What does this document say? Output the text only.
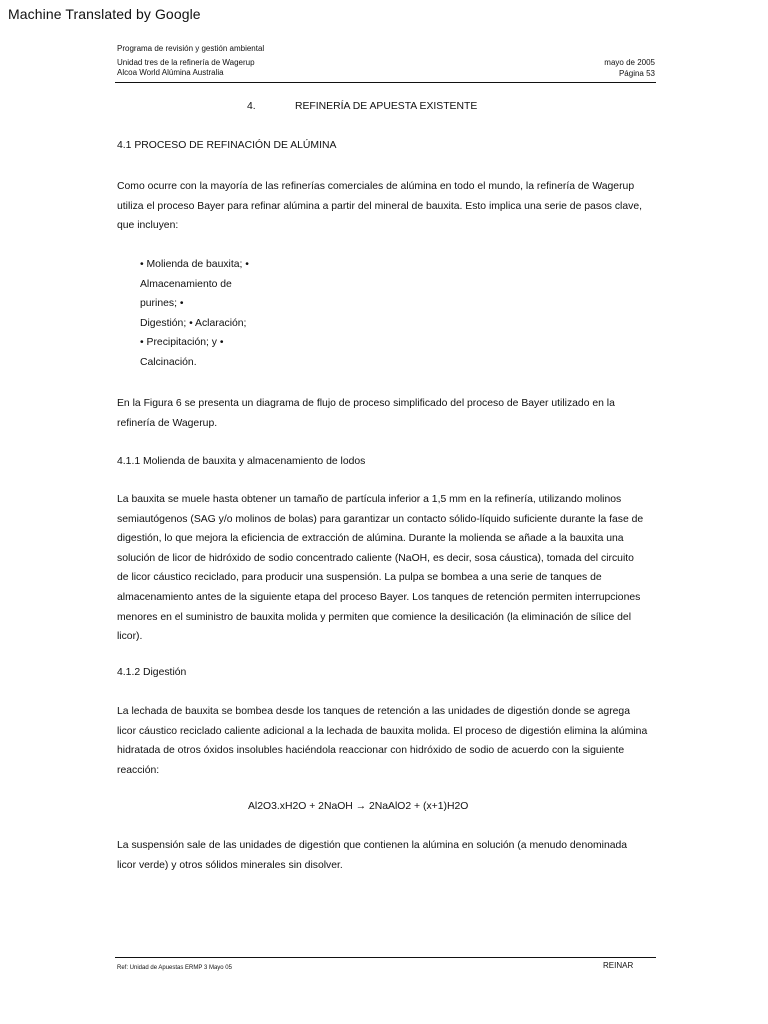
Machine Translated by Google
Programa de revisión y gestión ambiental
Unidad tres de la refinería de Wagerup
Alcoa World Alúmina Australia
mayo de 2005
Página 53
4.	REFINERÍA DE APUESTA EXISTENTE
4.1 PROCESO DE REFINACIÓN DE ALÚMINA
Como ocurre con la mayoría de las refinerías comerciales de alúmina en todo el mundo, la refinería de Wagerup
utiliza el proceso Bayer para refinar alúmina a partir del mineral de bauxita. Esto implica una serie de pasos clave,
que incluyen:
• Molienda de bauxita; •
Almacenamiento de
purines; •
Digestión; • Aclaración;
• Precipitación; y •
Calcinación.
En la Figura 6 se presenta un diagrama de flujo de proceso simplificado del proceso de Bayer utilizado en la
refinería de Wagerup.
4.1.1 Molienda de bauxita y almacenamiento de lodos
La bauxita se muele hasta obtener un tamaño de partícula inferior a 1,5 mm en la refinería, utilizando molinos
semiautógenos (SAG y/o molinos de bolas) para garantizar un contacto sólido-líquido suficiente durante la fase de
digestión, lo que mejora la eficiencia de extracción de alúmina. Durante la molienda se añade a la bauxita una
solución de licor de hidróxido de sodio concentrado caliente (NaOH, es decir, sosa cáustica), tomada del circuito
de licor cáustico reciclado, para producir una suspensión. La pulpa se bombea a una serie de tanques de
almacenamiento antes de la siguiente etapa del proceso Bayer. Los tanques de retención permiten interrupciones
menores en el suministro de bauxita molida y permiten que comience la desilicación (la eliminación de sílice del
licor).
4.1.2 Digestión
La lechada de bauxita se bombea desde los tanques de retención a las unidades de digestión donde se agrega
licor cáustico reciclado caliente adicional a la lechada de bauxita molida. El proceso de digestión elimina la alúmina
hidratada de otros óxidos insolubles haciéndola reaccionar con hidróxido de sodio de acuerdo con la siguiente
reacción:
Al2O3.xH2O + 2NaOH → 2NaAlO2 + (x+1)H2O
La suspensión sale de las unidades de digestión que contienen la alúmina en solución (a menudo denominada
licor verde) y otros sólidos minerales sin disolver.
Ref: Unidad de Apuestas ERMP 3 Mayo 05	REINAR
